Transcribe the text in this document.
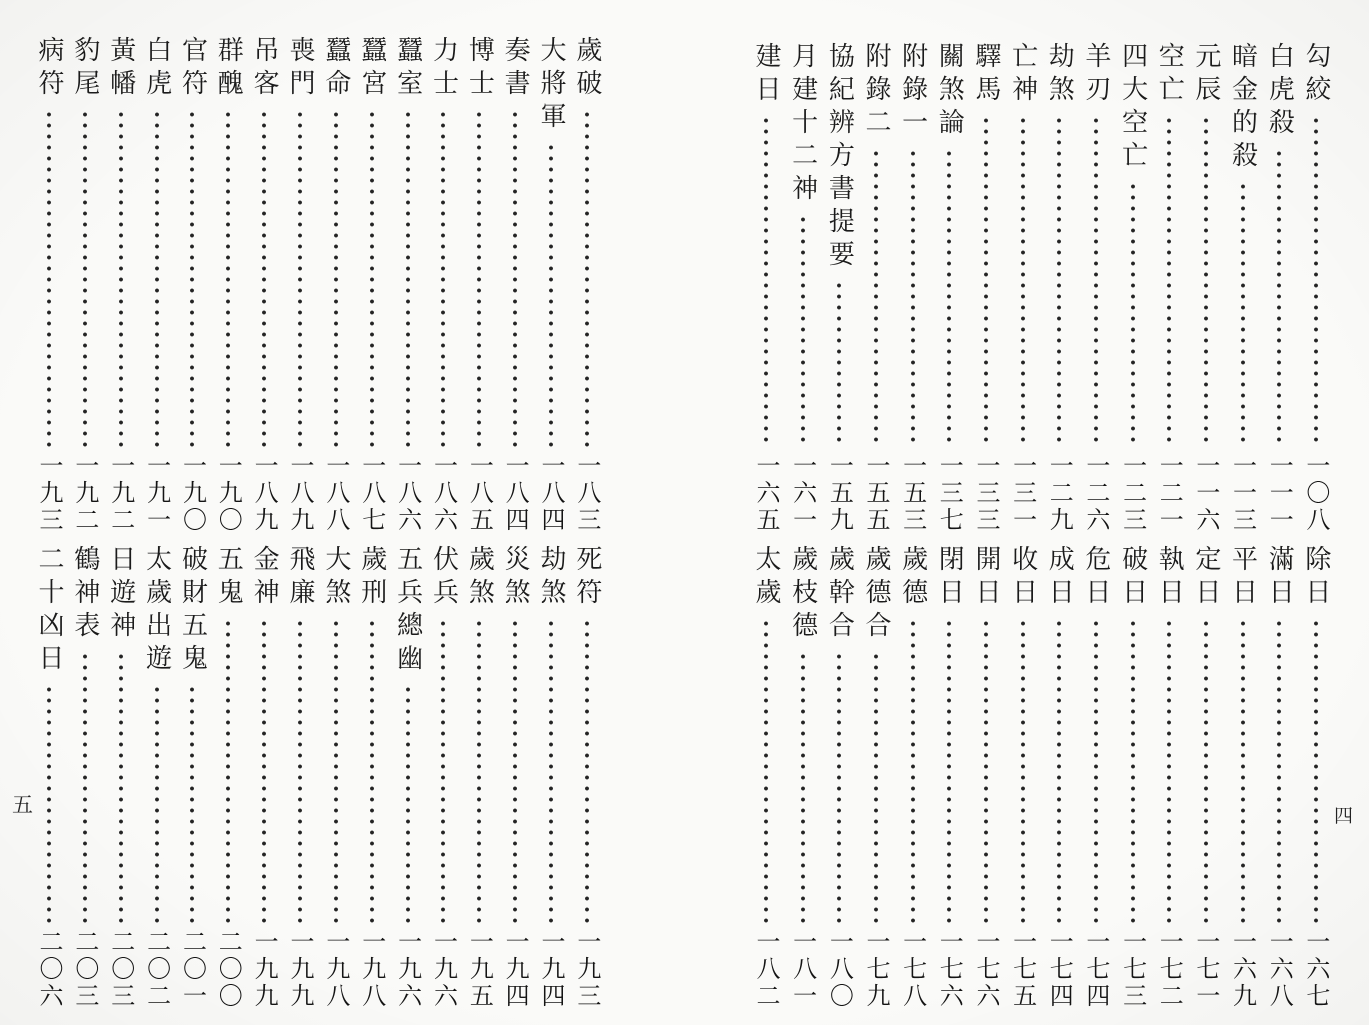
勾絞
一〇八
白虎殺
一一一
暗金的殺
一一三
元辰
一一六
空亡
一二一
四大空亡
一二三
羊刃
一二六
劫煞
一二九
亡神
一三一
驛馬
一三三
關煞論
一三七
附錄一
一五三
附錄二
一五五
協紀辨方書提要
一五九
月建十二神
一六一
建日
一六五
除日
一六七
滿日
一六八
平日
一六九
定日
一七一
執日
一七二
破日
一七三
危日
一七四
成日
一七四
收日
一七五
開日
一七六
閉日
一七六
歲德
一七八
歲德合
一七九
歲幹合
一八〇
歲枝德
一八一
太歲
一八二
歲破
一八三
大將軍
一八四
奏書
一八四
博士
一八五
力士
一八六
蠶室
一八六
蠶宮
一八七
蠶命
一八八
喪門
一八九
吊客
一八九
群醜
一九〇
官符
一九〇
白虎
一九一
黃幡
一九二
豹尾
一九二
病符
一九三
死符
一九三
劫煞
一九四
災煞
一九四
歲煞
一九五
伏兵
一九六
五兵總幽
一九六
歲刑
一九八
大煞
一九八
飛廉
一九九
金神
一九九
五鬼
二〇〇
破財五鬼
二〇一
太歲出遊
二〇二
日遊神
二〇三
鶴神表
二〇三
二十凶日
二〇六
五	四
